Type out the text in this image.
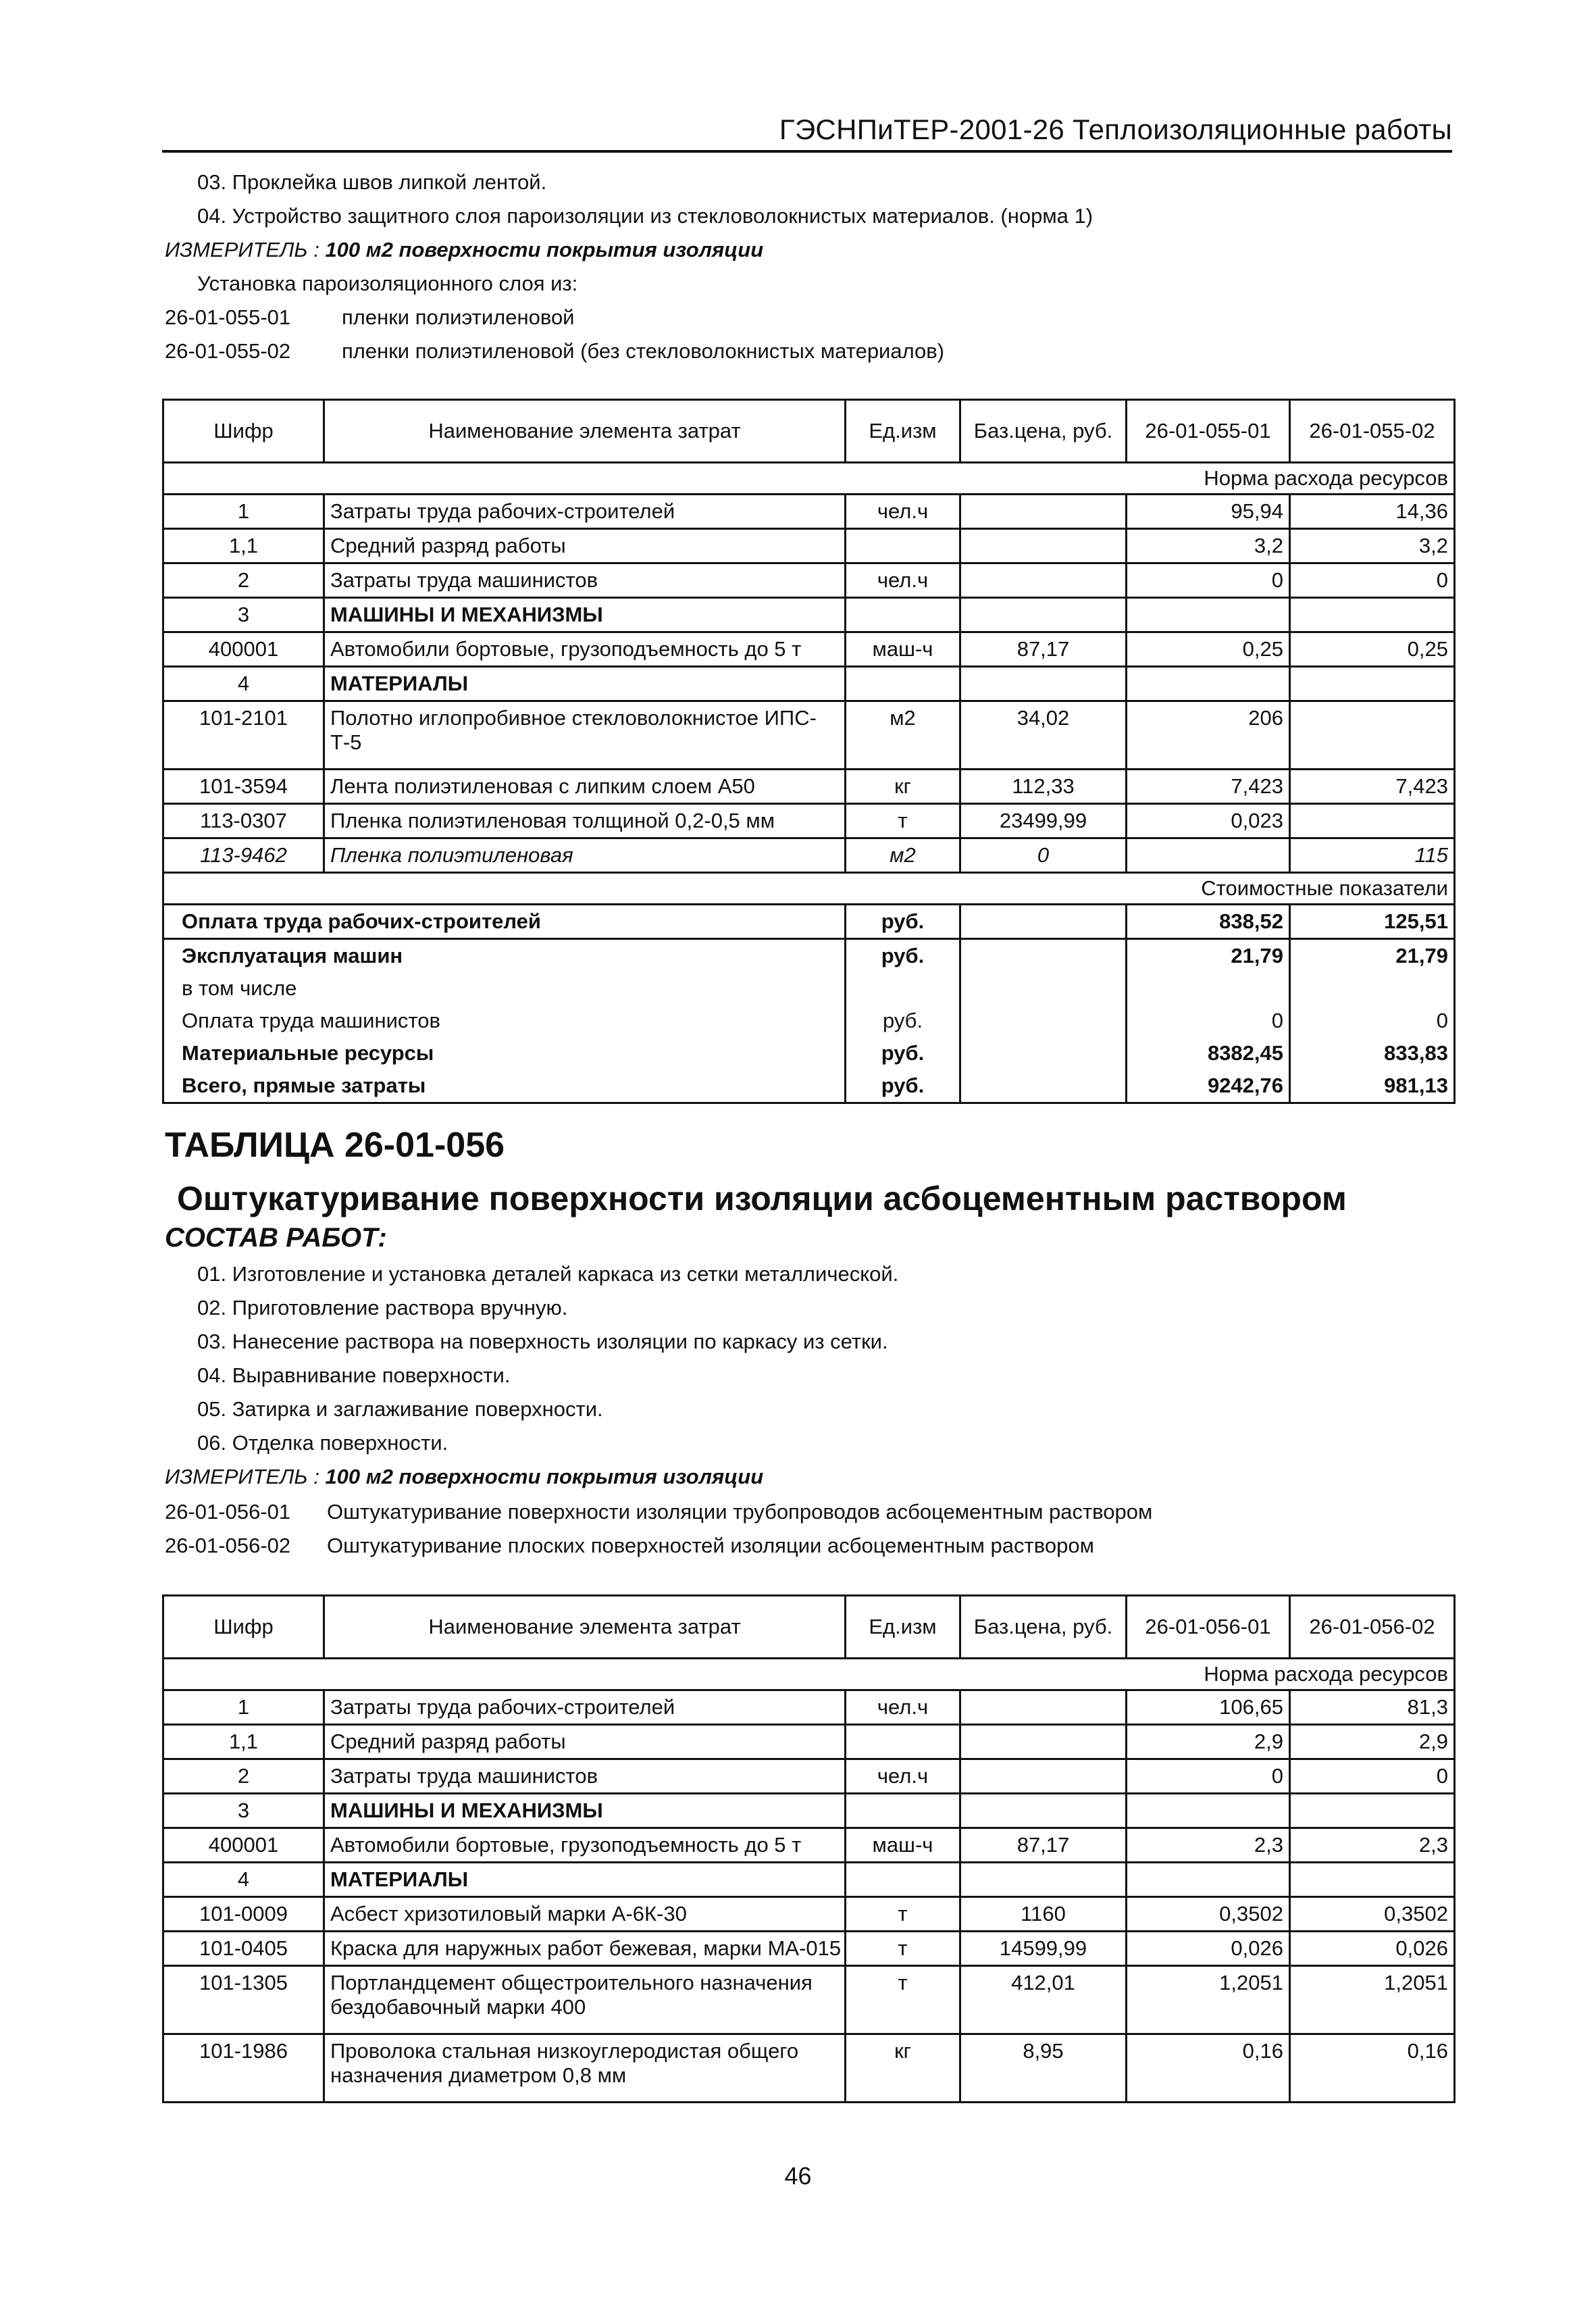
ГЭСНПиТЕР-2001-26 Теплоизоляционные работы
03. Проклейка швов липкой лентой.
04. Устройство защитного слоя пароизоляции из стекловолокнистых материалов. (норма 1)
ИЗМЕРИТЕЛЬ : 100 м2 поверхности покрытия изоляции
Установка пароизоляционного слоя из:
26-01-055-01 пленки полиэтиленовой
26-01-055-02 пленки полиэтиленовой (без стекловолокнистых материалов)
Шифр	Наименование элемента затрат	Ед.изм	Баз.цена, руб.	26-01-055-01	26-01-055-02
Норма расхода ресурсов					
1	Затраты труда рабочих-строителей	чел.ч		95,94	14,36
1,1	Средний разряд работы			3,2	3,2
2	Затраты труда машинистов	чел.ч		0	0
3	МАШИНЫ И МЕХАНИЗМЫ				
400001	Автомобили бортовые, грузоподъемность до 5 т	маш-ч	87,17	0,25	0,25
4	МАТЕРИАЛЫ				
101-2101	Полотно иглопробивное стекловолокнистое ИПС-Т-5	м2	34,02	206	
101-3594	Лента полиэтиленовая с липким слоем А50	кг	112,33	7,423	7,423
113-0307	Пленка полиэтиленовая толщиной 0,2-0,5 мм	т	23499,99	0,023	
113-9462	Пленка полиэтиленовая	м2	0		115
Стоимостные показатели					
Оплата труда рабочих-строителей		руб.		838,52	125,51
Эксплуатация машин		руб.		21,79	21,79
в том числе					
Оплата труда машинистов		руб.		0	0
Материальные ресурсы		руб.		8382,45	833,83
Всего, прямые затраты		руб.		9242,76	981,13
ТАБЛИЦА 26-01-056
Оштукатуривание поверхности изоляции асбоцементным раствором
СОСТАВ РАБОТ:
01. Изготовление и установка деталей каркаса из сетки металлической.
02. Приготовление раствора вручную.
03. Нанесение раствора на поверхность изоляции по каркасу из сетки.
04. Выравнивание поверхности.
05. Затирка и заглаживание поверхности.
06. Отделка поверхности.
ИЗМЕРИТЕЛЬ : 100 м2 поверхности покрытия изоляции
26-01-056-01 Оштукатуривание поверхности изоляции трубопроводов асбоцементным раствором
26-01-056-02 Оштукатуривание плоских поверхностей изоляции асбоцементным раствором
Шифр	Наименование элемента затрат	Ед.изм	Баз.цена, руб.	26-01-056-01	26-01-056-02
Норма расхода ресурсов					
1	Затраты труда рабочих-строителей	чел.ч		106,65	81,3
1,1	Средний разряд работы			2,9	2,9
2	Затраты труда машинистов	чел.ч		0	0
3	МАШИНЫ И МЕХАНИЗМЫ				
400001	Автомобили бортовые, грузоподъемность до 5 т	маш-ч	87,17	2,3	2,3
4	МАТЕРИАЛЫ				
101-0009	Асбест хризотиловый марки А-6К-30	т	1160	0,3502	0,3502
101-0405	Краска для наружных работ бежевая, марки МА-015	т	14599,99	0,026	0,026
101-1305	Портландцемент общестроительного назначения бездобавочный марки 400	т	412,01	1,2051	1,2051
101-1986	Проволока стальная низкоуглеродистая общего назначения диаметром 0,8 мм	кг	8,95	0,16	0,16
46
